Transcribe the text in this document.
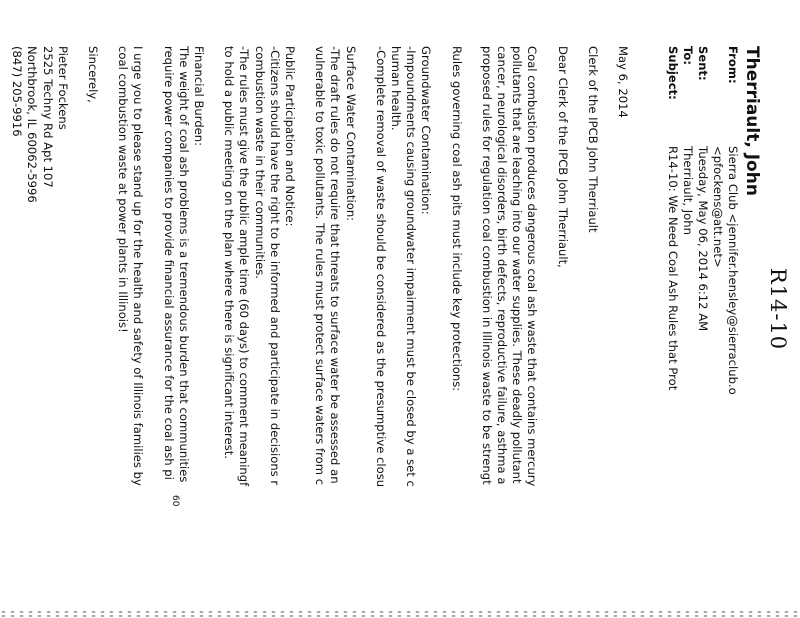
R14-10
Therriault, John
From:
Sierra Club <jennifer.hensley@sierraclub.o
<pfockens@att.net>
Sent:
Tuesday, May 06, 2014 6:12 AM
To:
Therriault, John
Subject:
R14-10: We Need Coal Ash Rules that Prot

May 6, 2014

Clerk of the IPCB John Therriault

Dear Clerk of the IPCB John Therriault,

Coal combustion produces dangerous coal ash waste that contains mercury
pollutants that are leaching into our water supplies. These deadly pollutant
cancer, neurological disorders, birth defects, reproductive failure, asthma a
proposed rules for regulation coal combustion in Illinois waste to be strengt

Rules governing coal ash pits must include key protections:

Groundwater Contamination:
-Impoundments causing groundwater impairment must be closed by a set c
human health.
-Complete removal of waste should be considered as the presumptive closu

Surface Water Contamination:
-The draft rules do not require that threats to surface water be assessed an
vulnerable to toxic pollutants. The rules must protect surface waters from c

Public Participation and Notice:
-Citizens should have the right to be informed and participate in decisions r
combustion waste in their communities.
-The rules must give the public ample time (60 days) to comment meaningf
to hold a public meeting on the plan where there is significant interest.

Financial Burden:
The weight of coal ash problems is a tremendous burden that communities
require power companies to provide financial assurance for the coal ash pi

I urge you to please stand up for the health and safety of Illinois families by
coal combustion waste at power plants in Illinois!

Sincerely,

Pieter Fockens
2525 Techny Rd Apt 107
Northbrook, IL 60062-5996
(847) 205-9916

60
